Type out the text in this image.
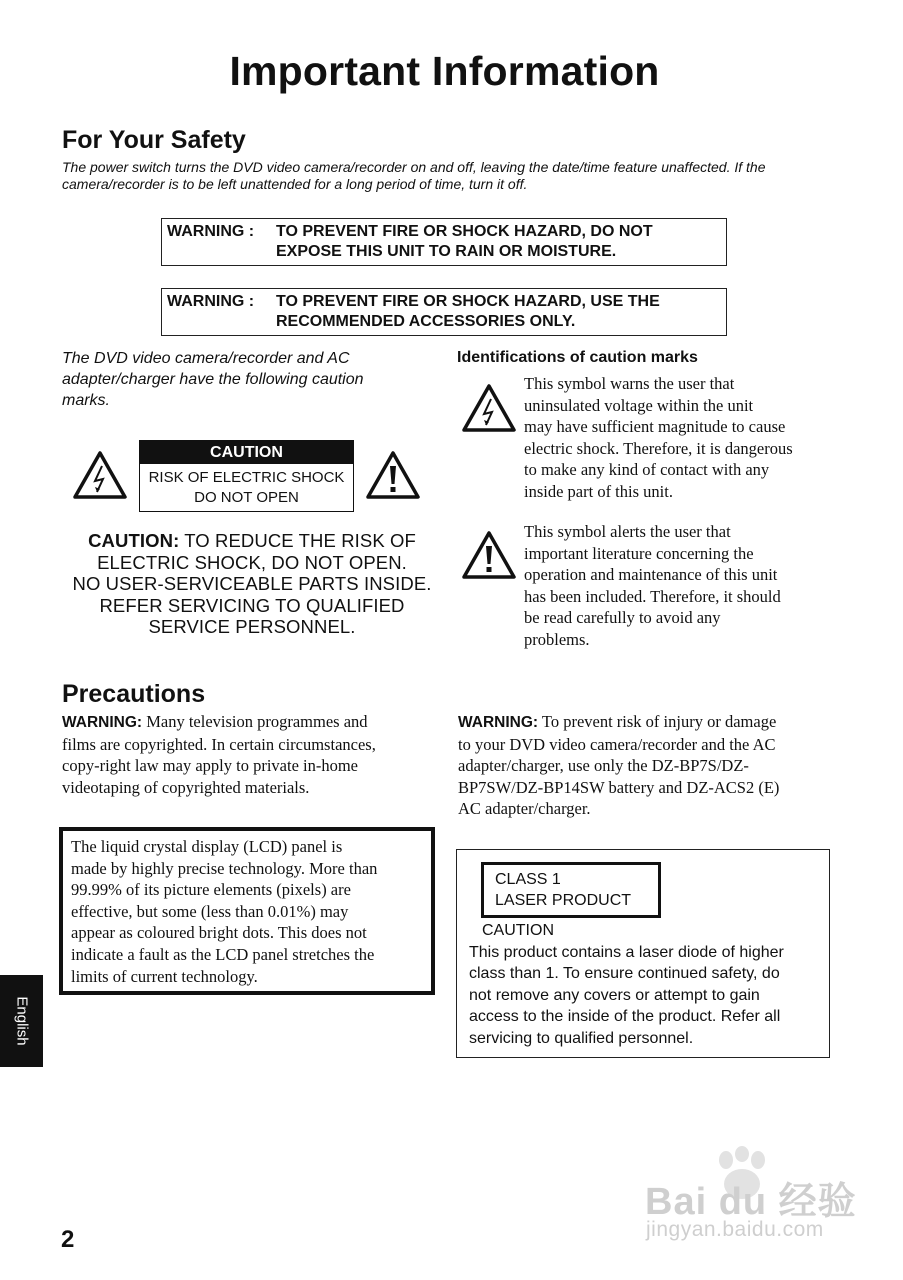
Important Information
For Your Safety
The power switch turns the DVD video camera/recorder on and off, leaving the date/time feature unaffected. If the
camera/recorder is to be left unattended for a long period of time, turn it off.
WARNING : TO PREVENT FIRE OR SHOCK HAZARD, DO NOT
EXPOSE THIS UNIT TO RAIN OR MOISTURE.
WARNING : TO PREVENT FIRE OR SHOCK HAZARD, USE THE
RECOMMENDED ACCESSORIES ONLY.
The DVD video camera/recorder and AC
adapter/charger have the following caution
marks.
CAUTION
RISK OF ELECTRIC SHOCK
DO NOT OPEN
CAUTION: TO REDUCE THE RISK OF
ELECTRIC SHOCK, DO NOT OPEN.
NO USER-SERVICEABLE PARTS INSIDE.
REFER SERVICING TO QUALIFIED
SERVICE PERSONNEL.
Identifications of caution marks
This symbol warns the user that
uninsulated voltage within the unit
may have sufficient magnitude to cause
electric shock. Therefore, it is dangerous
to make any kind of contact with any
inside part of this unit.
This symbol alerts the user that
important literature concerning the
operation and maintenance of this unit
has been included. Therefore, it should
be read carefully to avoid any
problems.
Precautions
WARNING: Many television programmes and
films are copyrighted. In certain circumstances,
copy-right law may apply to private in-home
videotaping of copyrighted materials.
WARNING: To prevent risk of injury or damage
to your DVD video camera/recorder and the AC
adapter/charger, use only the DZ-BP7S/DZ-
BP7SW/DZ-BP14SW battery and DZ-ACS2 (E)
AC adapter/charger.
The liquid crystal display (LCD) panel is
made by highly precise technology. More than
99.99% of its picture elements (pixels) are
effective, but some (less than 0.01%) may
appear as coloured bright dots. This does not
indicate a fault as the LCD panel stretches the
limits of current technology.
CLASS 1
LASER PRODUCT
CAUTION
This product contains a laser diode of higher
class than 1. To ensure continued safety, do
not remove any covers or attempt to gain
access to the inside of the product. Refer all
servicing to qualified personnel.
English
2
Bai du 经验
jingyan.baidu.com
